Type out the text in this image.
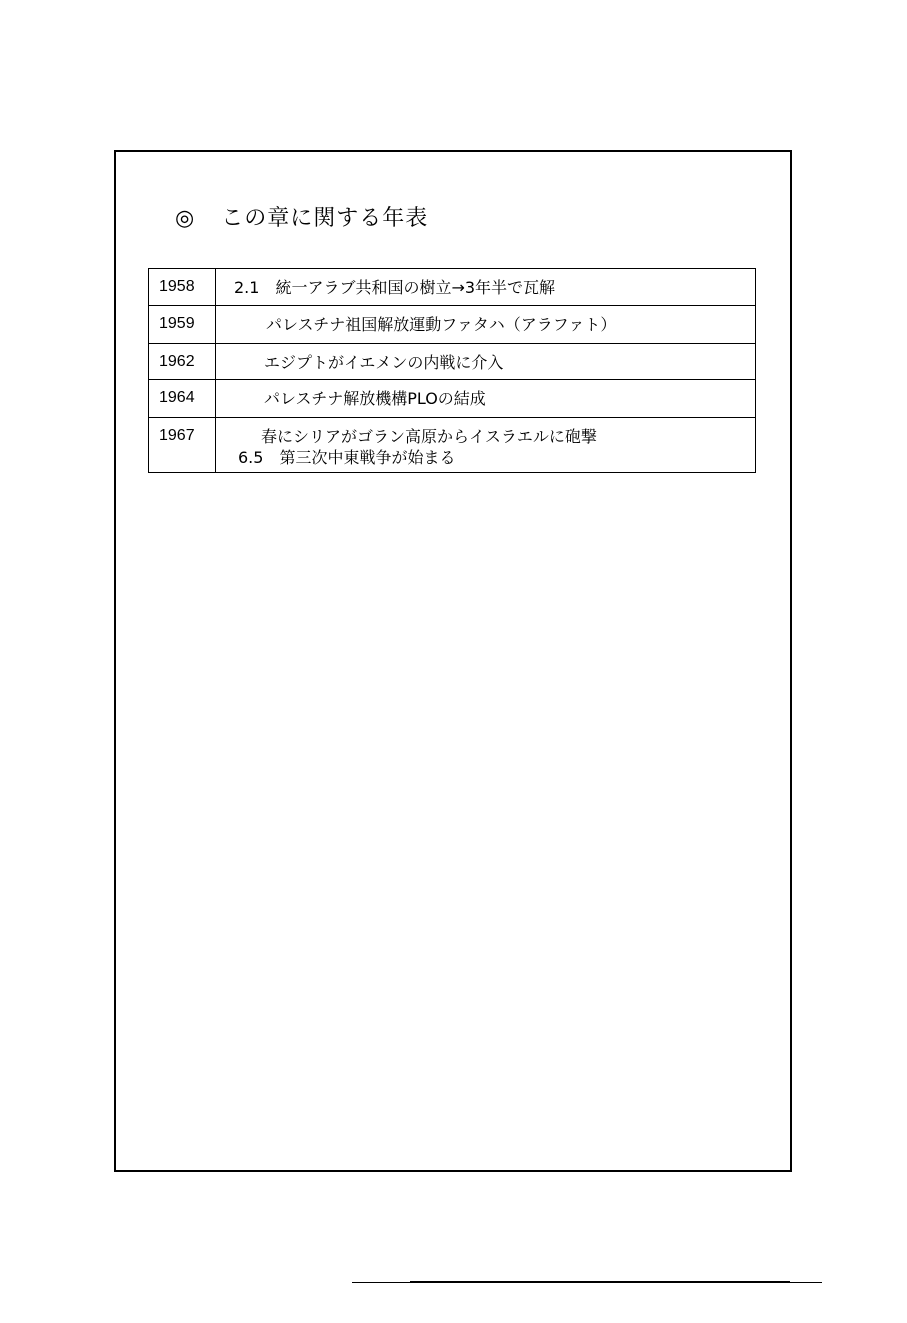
◎ この章に関する年表
1958	2.1　統一アラブ共和国の樹立→3年半で瓦解

1959	パレスチナ祖国解放運動ファタハ（アラファト）

1962	エジプトがイエメンの内戦に介入

1964	パレスチナ解放機構PLOの結成

1967	春にシリアがゴラン高原からイスラエルに砲撃
6.5　第三次中東戦争が始まる
